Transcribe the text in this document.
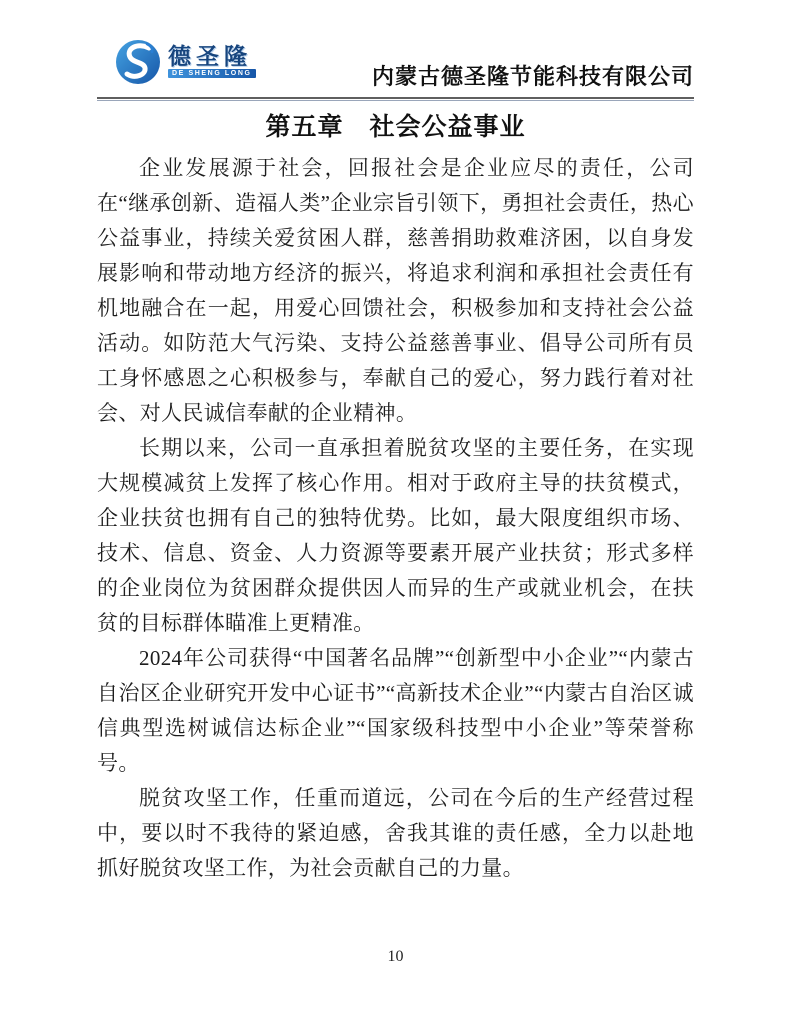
德圣隆
DE SHENG LONG	内蒙古德圣隆节能科技有限公司
第五章　社会公益事业

企业发展源于社会，回报社会是企业应尽的责任，公司在“继承创新、造福人类”企业宗旨引领下，勇担社会责任，热心公益事业，持续关爱贫困人群，慈善捐助救难济困，以自身发展影响和带动地方经济的振兴，将追求利润和承担社会责任有机地融合在一起，用爱心回馈社会，积极参加和支持社会公益活动。如防范大气污染、支持公益慈善事业、倡导公司所有员工身怀感恩之心积极参与，奉献自己的爱心，努力践行着对社会、对人民诚信奉献的企业精神。

长期以来，公司一直承担着脱贫攻坚的主要任务，在实现大规模减贫上发挥了核心作用。相对于政府主导的扶贫模式，企业扶贫也拥有自己的独特优势。比如，最大限度组织市场、技术、信息、资金、人力资源等要素开展产业扶贫；形式多样的企业岗位为贫困群众提供因人而异的生产或就业机会，在扶贫的目标群体瞄准上更精准。

2024年公司获得“中国著名品牌”“创新型中小企业”“内蒙古自治区企业研究开发中心证书”“高新技术企业”“内蒙古自治区诚信典型选树诚信达标企业”“国家级科技型中小企业”等荣誉称号。

脱贫攻坚工作，任重而道远，公司在今后的生产经营过程中，要以时不我待的紧迫感，舍我其谁的责任感，全力以赴地抓好脱贫攻坚工作，为社会贡献自己的力量。

10
